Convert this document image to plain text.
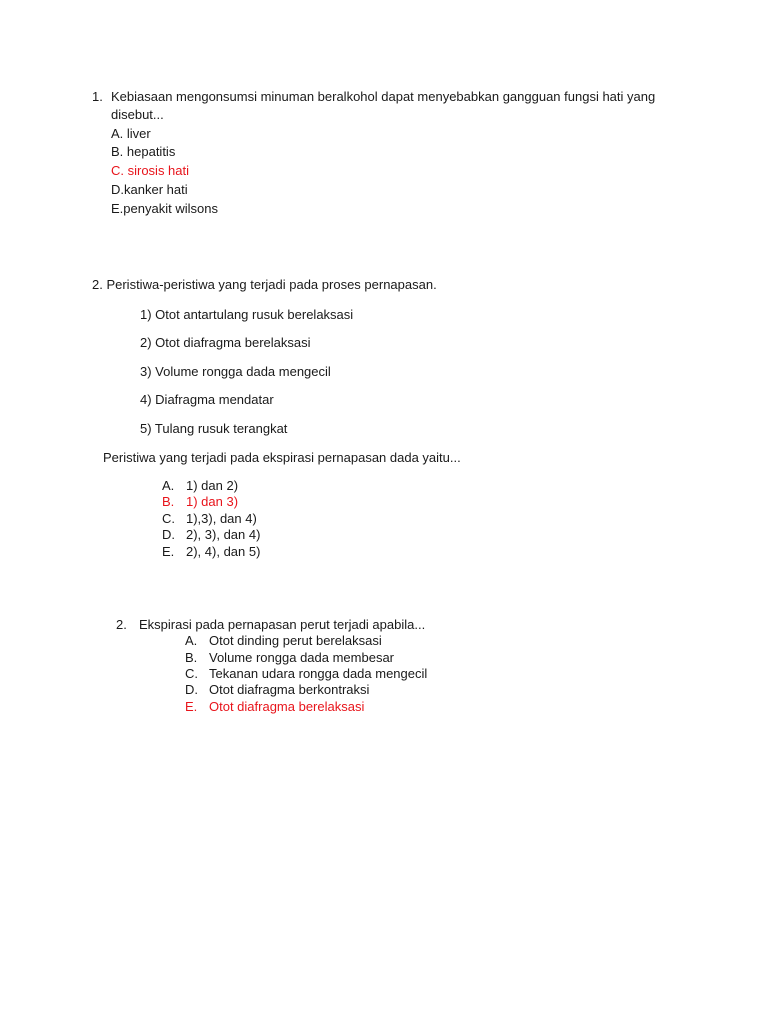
1. Kebiasaan mengonsumsi minuman beralkohol dapat menyebabkan gangguan fungsi hati yang
disebut...
A. liver
B. hepatitis
C. sirosis hati
D.kanker hati
E.penyakit wilsons
2. Peristiwa-peristiwa yang terjadi pada proses pernapasan.
1) Otot antartulang rusuk berelaksasi
2) Otot diafragma berelaksasi
3) Volume rongga dada mengecil
4) Diafragma mendatar
5) Tulang rusuk terangkat
Peristiwa yang terjadi pada ekspirasi pernapasan dada yaitu...
A. 1) dan 2)
B. 1) dan 3)
C. 1),3), dan 4)
D. 2), 3), dan 4)
E. 2), 4), dan 5)
2. Ekspirasi pada pernapasan perut terjadi apabila...
A. Otot dinding perut berelaksasi
B. Volume rongga dada membesar
C. Tekanan udara rongga dada mengecil
D. Otot diafragma berkontraksi
E. Otot diafragma berelaksasi
